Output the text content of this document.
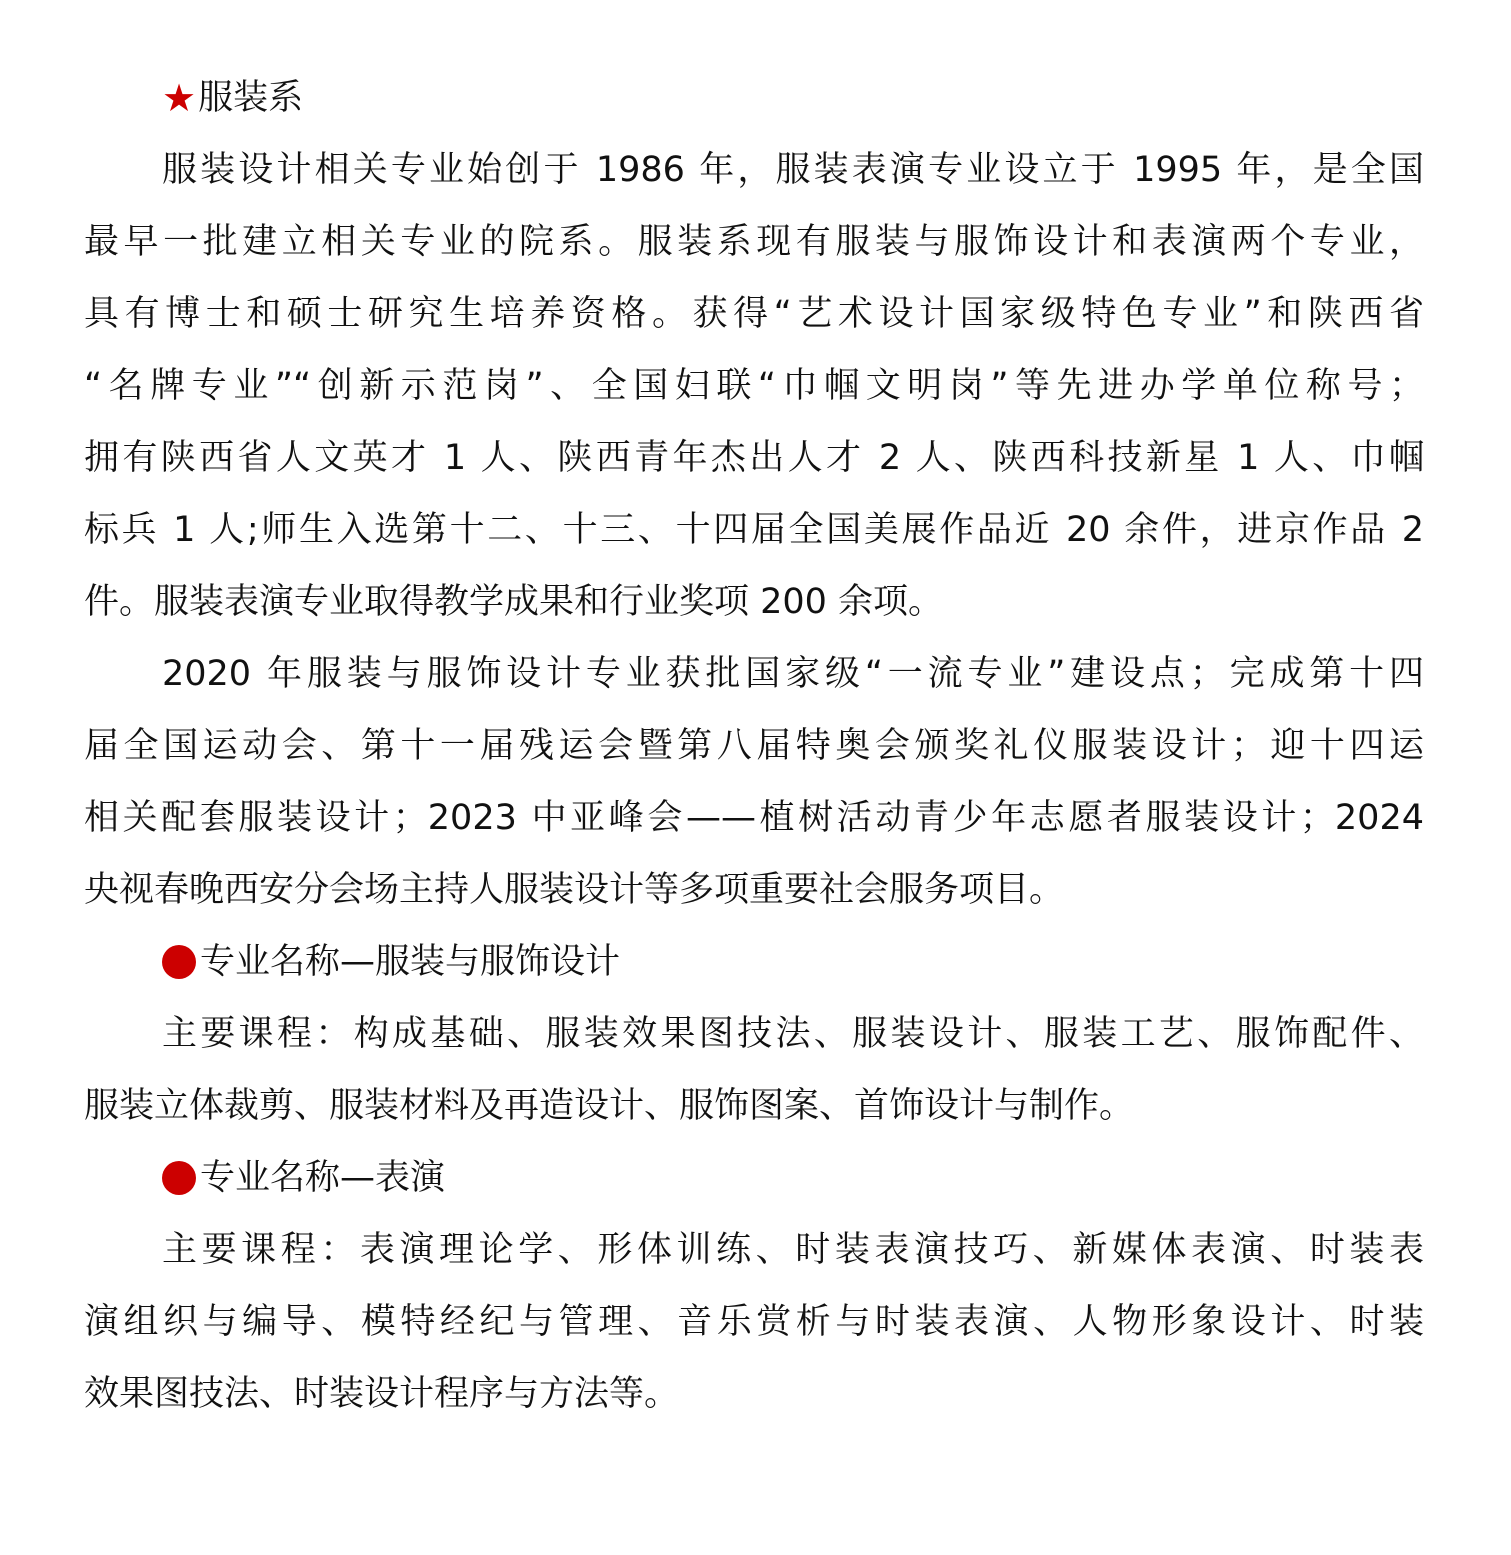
★ 服装系
服装设计相关专业始创于 1986 年，服装表演专业设立于 1995 年，是全国
最早一批建立相关专业的院系。服装系现有服装与服饰设计和表演两个专业，
具有博士和硕士研究生培养资格。获得“艺术设计国家级特色专业”和陕西省
“名牌专业”“创新示范岗”、全国妇联“巾帼文明岗”等先进办学单位称号；
拥有陕西省人文英才 1 人、陕西青年杰出人才 2 人、陕西科技新星 1 人、巾帼
标兵 1 人;师生入选第十二、十三、十四届全国美展作品近 20 余件，进京作品 2
件。服装表演专业取得教学成果和行业奖项 200 余项。
2020 年服装与服饰设计专业获批国家级“一流专业”建设点；完成第十四
届全国运动会、第十一届残运会暨第八届特奥会颁奖礼仪服装设计；迎十四运
相关配套服装设计；2023 中亚峰会——植树活动青少年志愿者服装设计；2024
央视春晚西安分会场主持人服装设计等多项重要社会服务项目。
专业名称—服装与服饰设计
主要课程：构成基础、服装效果图技法、服装设计、服装工艺、服饰配件、
服装立体裁剪、服装材料及再造设计、服饰图案、首饰设计与制作。
专业名称—表演
主要课程：表演理论学、形体训练、时装表演技巧、新媒体表演、时装表
演组织与编导、模特经纪与管理、音乐赏析与时装表演、人物形象设计、时装
效果图技法、时装设计程序与方法等。
